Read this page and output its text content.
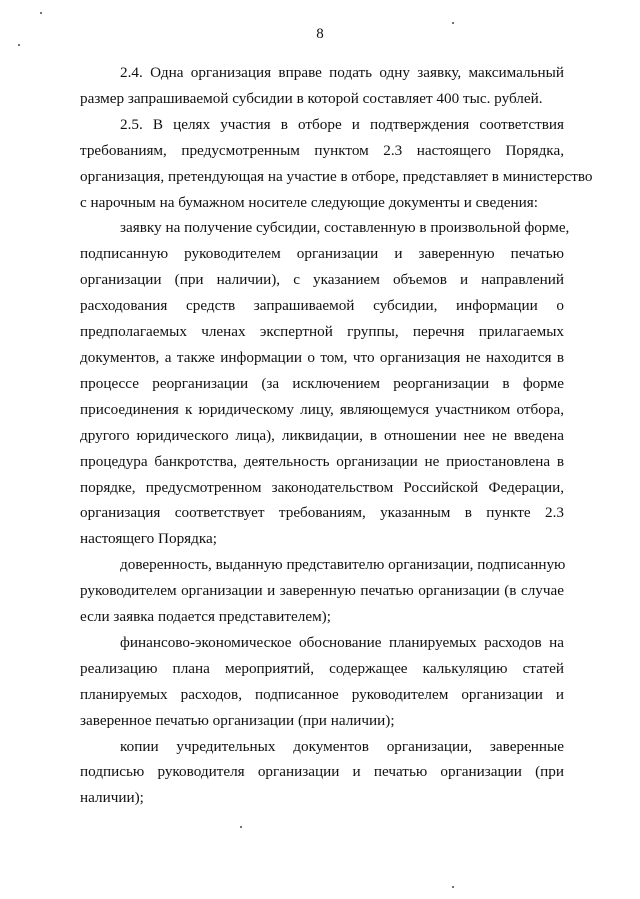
8
2.4. Одна организация вправе подать одну заявку, максимальный
размер запрашиваемой субсидии в которой составляет 400 тыс. рублей.
2.5. В целях участия в отборе и подтверждения соответствия
требованиям, предусмотренным пунктом 2.3 настоящего Порядка,
организация, претендующая на участие в отборе, представляет в министерство
с нарочным на бумажном носителе следующие документы и сведения:
заявку на получение субсидии, составленную в произвольной форме,
подписанную руководителем организации и заверенную печатью
организации (при наличии), с указанием объемов и направлений
расходования средств запрашиваемой субсидии, информации о
предполагаемых членах экспертной группы, перечня прилагаемых
документов, а также информации о том, что организация не находится в
процессе реорганизации (за исключением реорганизации в форме
присоединения к юридическому лицу, являющемуся участником отбора,
другого юридического лица), ликвидации, в отношении нее не введена
процедура банкротства, деятельность организации не приостановлена в
порядке, предусмотренном законодательством Российской Федерации,
организация соответствует требованиям, указанным в пункте 2.3
настоящего Порядка;
доверенность, выданную представителю организации, подписанную
руководителем организации и заверенную печатью организации (в случае
если заявка подается представителем);
финансово-экономическое обоснование планируемых расходов на
реализацию плана мероприятий, содержащее калькуляцию статей
планируемых расходов, подписанное руководителем организации и
заверенное печатью организации (при наличии);
копии учредительных документов организации, заверенные
подписью руководителя организации и печатью организации (при
наличии);
